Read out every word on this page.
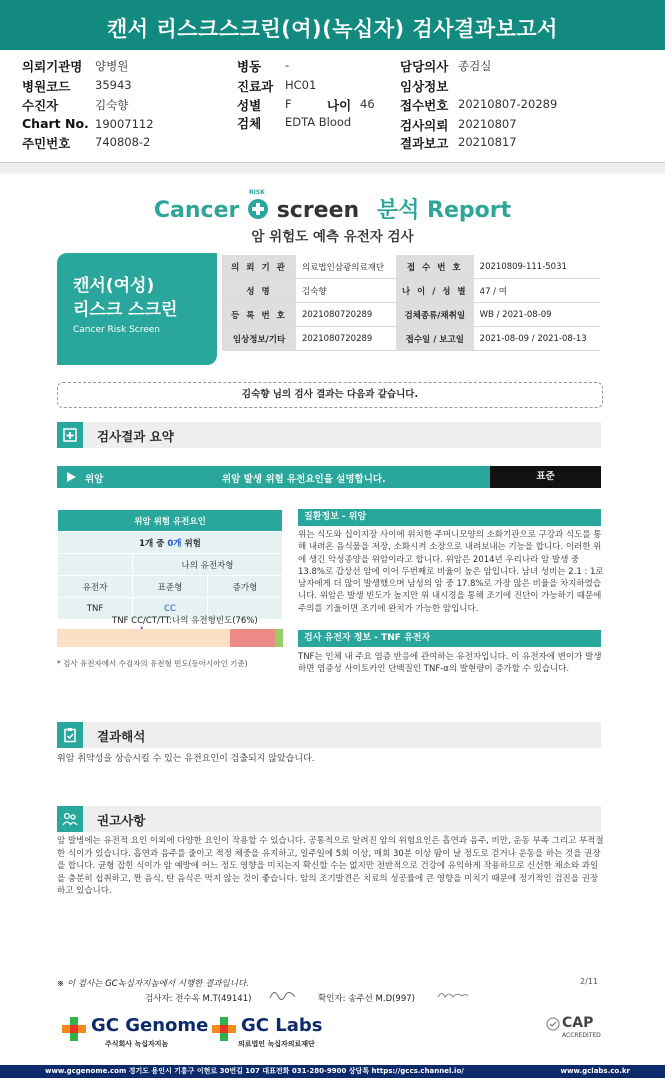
캔서 리스크스크린(여)(녹십자) 검사결과보고서
의뢰기관명 양병원
병원코드 35943
수진자	김숙향
Chart No. 19007112
주민번호 740808-2
병동 -
진료과 HC01
성별 F	나이 46
검체 EDTA Blood
담당의사 종검실
임상정보
접수번호 20210807-20289
검사의뢰 20210807
결과보고 20210817
Cancer
RISK
screen 분석 Report
암 위험도 예측 유전자 검사
캔서(여성)
리스크 스크린
Cancer Risk Screen
의 뢰 기 관	의료법인삼광의료재단	접 수 번 호	20210809-111-5031
성 명	김숙향	나 이 / 성 별	47 / 여
등 록 번 호	2021080720289	검체종류/채취일	WB / 2021-08-09
임상정보/기타	2021080720289	접수일 / 보고일	2021-08-09 / 2021-08-13
김숙향 님의 검사 결과는 다음과 같습니다.
검사결과 요약
위암	위암 발생 위험 유전요인을 설명합니다.	표준
위암 위험 유전요인		
1개 중 0개 위험		
	나의 유전자형	
유전자	표준형	증가형
TNF	CC	
TNF CC/CT/TT:나의 유전형빈도(76%)
* 검사 유전자에서 수검자의 유전형 빈도(동아시아인 기준)
질환정보 - 위암
위는 식도와 십이지장 사이에 위치한 주머니모양의 소화기관으로 구강과 식도를 통해 내려온 음식물을 저장, 소화시켜 소장으로 내려보내는 기능을 합니다. 이러한 위에 생긴 악성종양을 위암이라고 합니다. 위암은 2014년 우리나라 암 발생 중 13.8%로 갑상선 암에 이어 두번째로 비율이 높은 암입니다. 남녀 성비는 2.1 : 1로 남자에게 더 많이 발생했으며 남성의 암 중 17.8%로 가장 많은 비율을 차지하였습니다. 위암은 발생 빈도가 높지만 위 내시경을 통해 조기에 진단이 가능하기 때문에 주의를 기울이면 조기에 완치가 가능한 암입니다.
검사 유전자 정보 - TNF 유전자
TNF는 인체 내 주요 염증 반응에 관여하는 유전자입니다. 이 유전자에 변이가 발생하면 염증성 사이토카인 단백질인 TNF-α의 발현량이 증가할 수 있습니다.
결과해석
위암 취약성을 상승시킬 수 있는 유전요인이 검출되지 않았습니다.
권고사항
암 발병에는 유전적 요인 이외에 다양한 요인이 작용할 수 있습니다. 공통적으로 알려진 암의 위험요인은 흡연과 음주, 비만, 운동 부족 그리고 부적절한 식이가 있습니다. 흡연과 음주를 줄이고 적정 체중을 유지하고, 일주일에 5회 이상, 매회 30분 이상 땀이 날 정도로 걷거나 운동을 하는 것을 권장을 합니다. 균형 잡힌 식이가 암 예방에 어느 정도 영향을 미치는지 확신할 수는 없지만 전반적으로 건강에 유익하게 작용하므로 신선한 채소와 과일을 충분히 섭취하고, 짠 음식, 탄 음식은 먹지 않는 것이 좋습니다. 암의 조기발견은 치료의 성공률에 큰 영향을 미치기 때문에 정기적인 검진을 권장하고 있습니다.
※ 이 검사는 GC녹십자지놈에서 시행한 결과입니다.	2/11
검사자: 전수옥 M.T(49141)	확인자: 송주선 M.D(997)
GC Genome
주식회사 녹십자지놈
GC Labs
의료법인 녹십자의료재단
CAP
ACCREDITED
www.gcgenome.com 경기도 용인시 기흥구 이현로 30번길 107 대표전화 031-280-9900 상담톡 https://gccs.channel.io/	www.gclabs.co.kr
